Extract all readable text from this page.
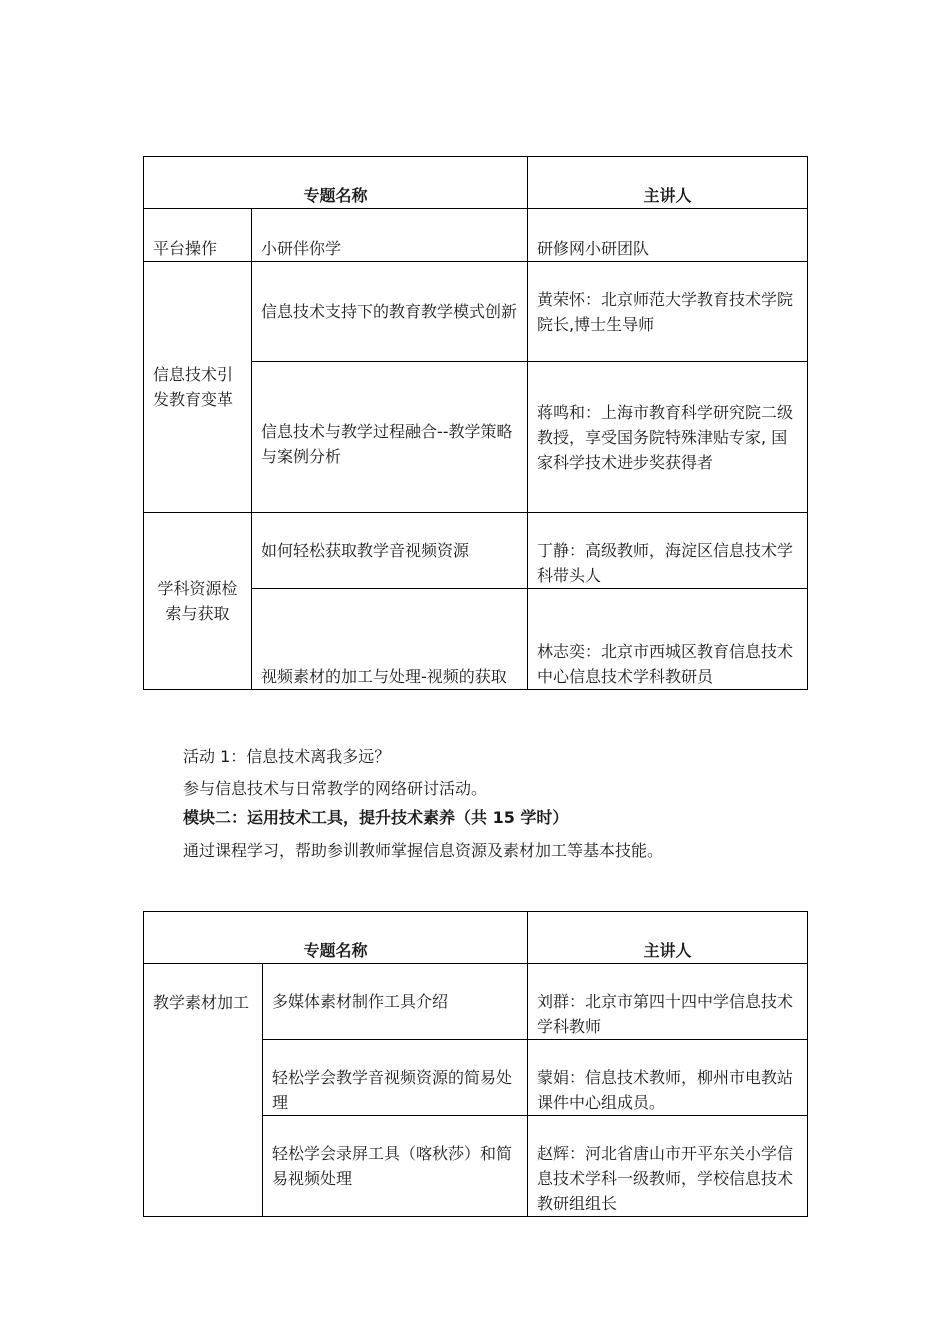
专题名称		主讲人
平台操作	小研伴你学	研修网小研团队
信息技术引发教育变革	信息技术支持下的教育教学模式创新	黄荣怀：北京师范大学教育技术学院院长,博士生导师
	信息技术与教学过程融合--教学策略与案例分析	蒋鸣和：上海市教育科学研究院二级教授，享受国务院特殊津贴专家, 国家科学技术进步奖获得者
学科资源检索与获取	如何轻松获取教学音视频资源	丁静：高级教师，海淀区信息技术学科带头人
	视频素材的加工与处理-视频的获取	林志奕：北京市西城区教育信息技术中心信息技术学科教研员
活动 1：信息技术离我多远？
参与信息技术与日常教学的网络研讨活动。
模块二：运用技术工具，提升技术素养（共 15 学时）
通过课程学习，帮助参训教师掌握信息资源及素材加工等基本技能。
专题名称		主讲人
教学素材加工	多媒体素材制作工具介绍	刘群：北京市第四十四中学信息技术学科教师
	轻松学会教学音视频资源的简易处理	蒙娟：信息技术教师，柳州市电教站课件中心组成员。
	轻松学会录屏工具（喀秋莎）和简易视频处理	赵辉：河北省唐山市开平东关小学信息技术学科一级教师，学校信息技术教研组组长
